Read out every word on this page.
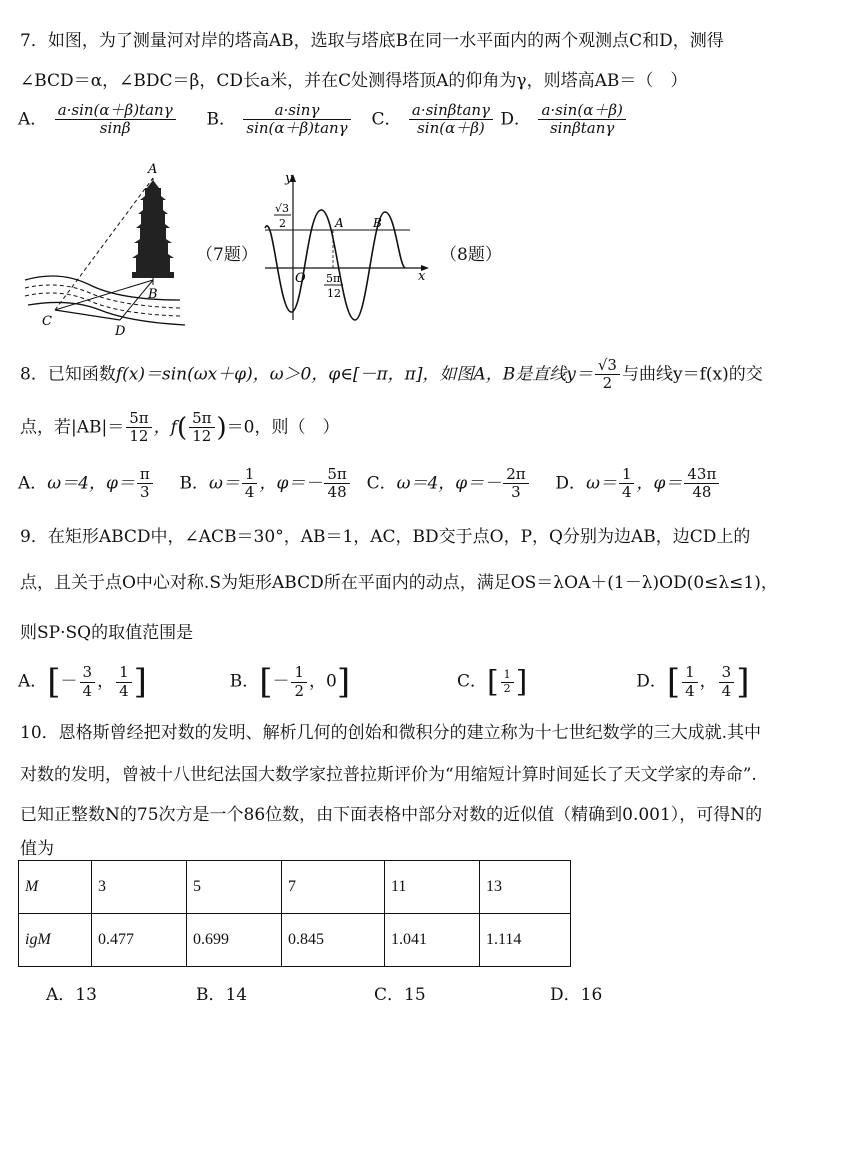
7．如图，为了测量河对岸的塔高AB，选取与塔底B在同一水平面内的两个观测点C和D，测得
∠BCD＝α，∠BDC＝β，CD长a米，并在C处测得塔顶A的仰角为γ，则塔高AB＝（　）
A． $\frac{a\cdot\sin(\alpha+\beta)\tan\gamma}{\sin\beta}$ B． $\frac{a\cdot\sin\gamma}{\sin(\alpha+\beta)\tan\gamma}$ C． $\frac{a\cdot\sin\beta\tan\gamma}{\sin(\alpha+\beta)}$ D． $\frac{a\cdot\sin(\alpha+\beta)}{\sin\beta\tan\gamma}$
A
B
C
D
（7题）
y
x
O
A B
√3
2
5π
12
（8题）
8．已知函数f(x)＝sin(ωx＋φ)，ω＞0，φ∈[－π，π]，如图A，B是直线$y= \frac{√3}{2}$ 与曲线y＝f(x)的交
点，若$|AB|= \frac{5\pi}{12}$ ，$f( \frac{5\pi}{12} )=0$，则（　）
A．ω＝4，$\varphi= \frac{\pi}{3}$ B．$\omega= \frac{1}{4}$ ，$\varphi=- \frac{5\pi}{48}$ C．ω＝4，$\varphi=- \frac{2\pi}{3}$ D．$\omega= \frac{1}{4}$ ，$\varphi= \frac{43\pi}{48}$
9．在矩形ABCD中，∠ACB＝30°，AB＝1，AC，BD交于点O，P，Q分别为边AB，边CD上的
点，且关于点O中心对称.S为矩形ABCD所在平面内的动点，满足OS＝λOA＋(1－λ)OD(0≤λ≤1)，
则SP·SQ的取值范围是
A．[－ $\frac{3}{4}$ ， $\frac{1}{4}$ ]	B．[－ $\frac{1}{2}$ ，0]	C．[ $\frac{1}{2}$ ]	D．[ $\frac{1}{4}$ ， $\frac{3}{4}$ ]
10．恩格斯曾经把对数的发明、解析几何的创始和微积分的建立称为十七世纪数学的三大成就.其中
对数的发明，曾被十八世纪法国大数学家拉普拉斯评价为“用缩短计算时间延长了天文学家的寿命”.
已知正整数N的75次方是一个86位数，由下面表格中部分对数的近似值（精确到0.001），可得N的
值为
M	3	5	7	11	13
igM	0.477	0.699	0.845	1.041	1.114
A．13	B．14	C．15	D．16
